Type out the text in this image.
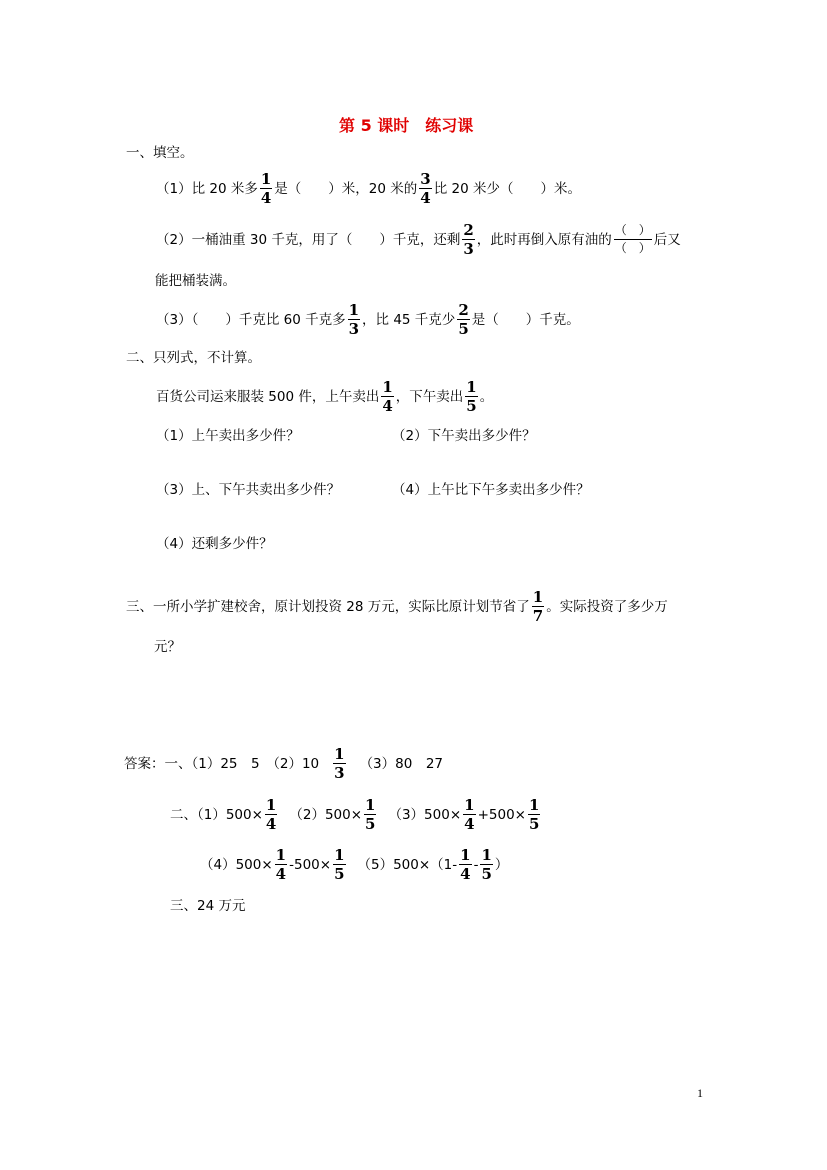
第 5 课时　练习课
一、填空。
（1）比 20 米多 $\frac{1}{4}$ 是（　　）米，20 米的 $\frac{3}{4}$ 比 20 米少（　　）米。
（2）一桶油重 30 千克，用了（　　）千克，还剩 $\frac{2}{3}$ ，此时再倒入原有油的
（　）
（　）
后又
能把桶装满。
（3）（　　）千克比 60 千克多 $\frac{1}{3}$ ，比 45 千克少 $\frac{2}{5}$ 是（　　）千克。
二、只列式，不计算。
百货公司运来服装 500 件，上午卖出 $\frac{1}{4}$ ，下午卖出 $\frac{1}{5}$ 。
（1）上午卖出多少件？	（2）下午卖出多少件？
（3）上、下午共卖出多少件？	（4）上午比下午多卖出多少件？
（4）还剩多少件？
三、一所小学扩建校舍，原计划投资 28 万元，实际比原计划节省了 $\frac{1}{7}$ 。实际投资了多少万
元？
答案：一、（1）25　5　$(2)10 \frac{1}{3} (3)80$　27
二、$(1)500\times \frac{1}{4} (2)500\times \frac{1}{5} (3)500\times \frac{1}{4} +500\times \frac{1}{5}$
$(4)500\times \frac{1}{4} -500\times \frac{1}{5} (5)500\times(1- \frac{1}{4} - \frac{1}{5}$ ）
三、24 万元
1
